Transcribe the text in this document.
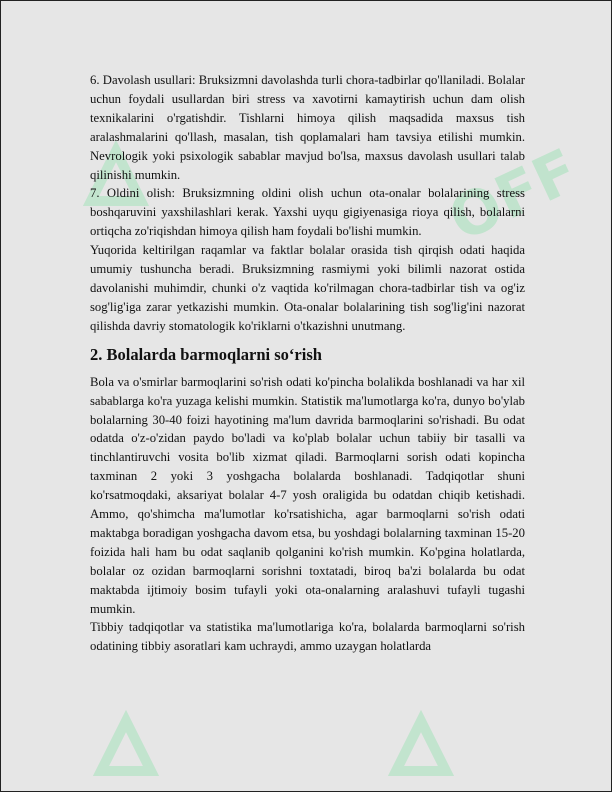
OFF

6. Davolash usullari: Bruksizmni davolashda turli chora-tadbirlar qo'llaniladi. Bolalar uchun foydali usullardan biri stress va xavotirni kamaytirish uchun dam olish texnikalarini o'rgatishdir. Tishlarni himoya qilish maqsadida maxsus tish aralashmalarini qo'llash, masalan, tish qoplamalari ham tavsiya etilishi mumkin. Nevrologik yoki psixologik sabablar mavjud bo'lsa, maxsus davolash usullari talab qilinishi mumkin.

7. Oldini olish: Bruksizmning oldini olish uchun ota-onalar bolalarining stress boshqaruvini yaxshilashlari kerak. Yaxshi uyqu gigiyenasiga rioya qilish, bolalarni ortiqcha zo'riqishdan himoya qilish ham foydali bo'lishi mumkin.

Yuqorida keltirilgan raqamlar va faktlar bolalar orasida tish qirqish odati haqida umumiy tushuncha beradi. Bruksizmning rasmiymi yoki bilimli nazorat ostida davolanishi muhimdir, chunki o'z vaqtida ko'rilmagan chora-tadbirlar tish va og'iz sog'lig'iga zarar yetkazishi mumkin. Ota-onalar bolalarining tish sog'lig'ini nazorat qilishda davriy stomatologik ko'riklarni o'tkazishni unutmang.

2. Bolalarda barmoqlarni so‘rish

Bola va o'smirlar barmoqlarini so'rish odati ko'pincha bolalikda boshlanadi va har xil sabablarga ko'ra yuzaga kelishi mumkin. Statistik ma'lumotlarga ko'ra, dunyo bo'ylab bolalarning 30-40 foizi hayotining ma'lum davrida barmoqlarini so'rishadi. Bu odat odatda o'z-o'zidan paydo bo'ladi va ko'plab bolalar uchun tabiiy bir tasalli va tinchlantiruvchi vosita bo'lib xizmat qiladi. Barmoqlarni sorish odati kopincha taxminan 2 yoki 3 yoshgacha bolalarda boshlanadi. Tadqiqotlar shuni ko'rsatmoqdaki, aksariyat bolalar 4-7 yosh oraligida bu odatdan chiqib ketishadi. Ammo, qo'shimcha ma'lumotlar ko'rsatishicha, agar barmoqlarni so'rish odati maktabga boradigan yoshgacha davom etsa, bu yoshdagi bolalarning taxminan 15-20 foizida hali ham bu odat saqlanib qolganini ko'rish mumkin. Ko'pgina holatlarda, bolalar oz ozidan barmoqlarni sorishni toxtatadi, biroq ba'zi bolalarda bu odat maktabda ijtimoiy bosim tufayli yoki ota-onalarning aralashuvi tufayli tugashi mumkin.

Tibbiy tadqiqotlar va statistika ma'lumotlariga ko'ra, bolalarda barmoqlarni so'rish odatining tibbiy asoratlari kam uchraydi, ammo uzaygan holatlarda
